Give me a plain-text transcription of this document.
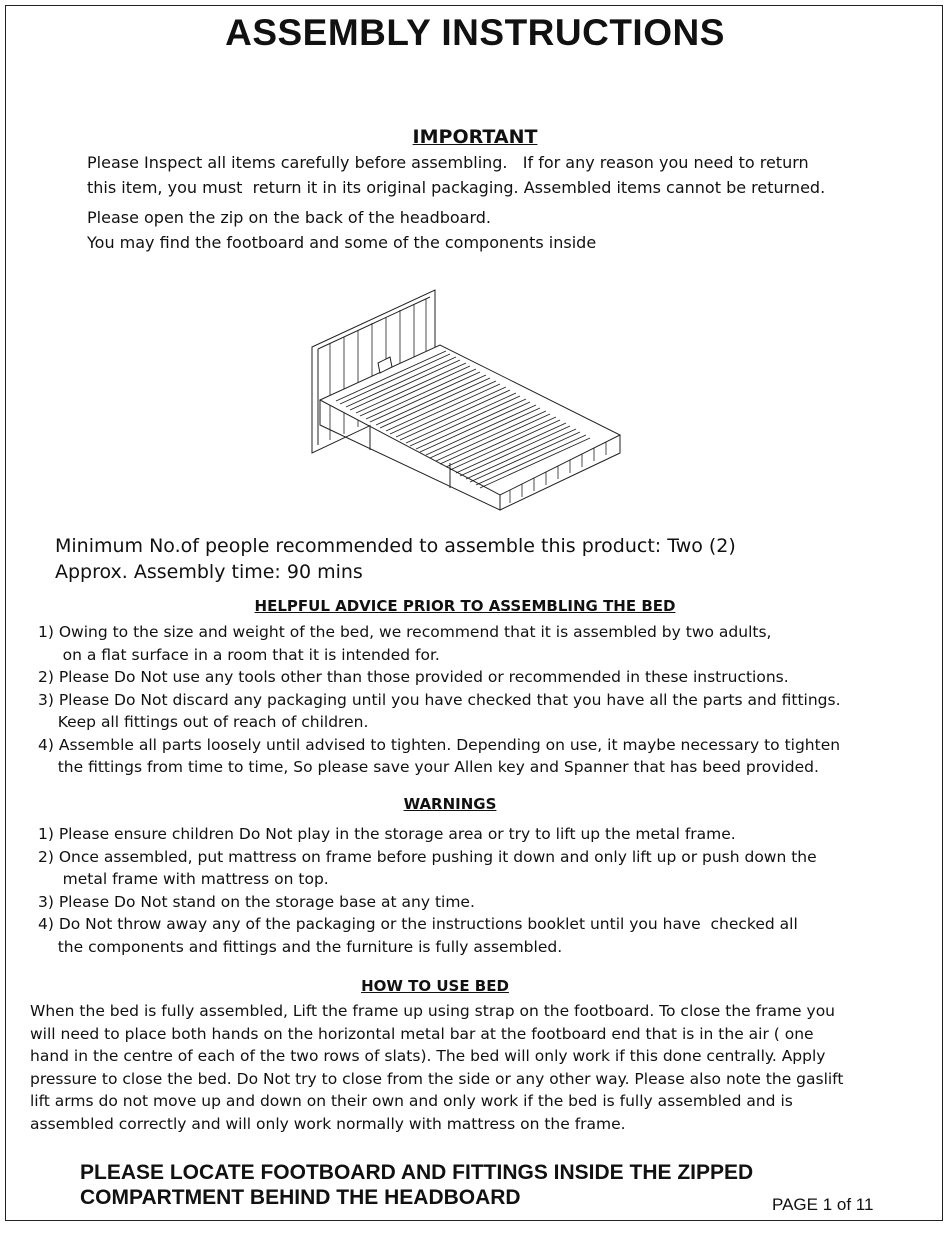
ASSEMBLY INSTRUCTIONS
IMPORTANT
Please Inspect all items carefully before assembling.   If for any reason you need to return
this item, you must  return it in its original packaging. Assembled items cannot be returned.
Please open the zip on the back of the headboard.
You may find the footboard and some of the components inside
Minimum No.of people recommended to assemble this product: Two (2)
Approx. Assembly time: 90 mins
HELPFUL ADVICE PRIOR TO ASSEMBLING THE BED
1) Owing to the size and weight of the bed, we recommend that it is assembled by two adults,
on a flat surface in a room that it is intended for.
2) Please Do Not use any tools other than those provided or recommended in these instructions.
3) Please Do Not discard any packaging until you have checked that you have all the parts and fittings.
Keep all fittings out of reach of children.
4) Assemble all parts loosely until advised to tighten. Depending on use, it maybe necessary to tighten
the fittings from time to time, So please save your Allen key and Spanner that has beed provided.
WARNINGS
1) Please ensure children Do Not play in the storage area or try to lift up the metal frame.
2) Once assembled, put mattress on frame before pushing it down and only lift up or push down the
metal frame with mattress on top.
3) Please Do Not stand on the storage base at any time.
4) Do Not throw away any of the packaging or the instructions booklet until you have  checked all
the components and fittings and the furniture is fully assembled.
HOW TO USE BED
When the bed is fully assembled, Lift the frame up using strap on the footboard. To close the frame you
will need to place both hands on the horizontal metal bar at the footboard end that is in the air ( one
hand in the centre of each of the two rows of slats). The bed will only work if this done centrally. Apply
pressure to close the bed. Do Not try to close from the side or any other way. Please also note the gaslift
lift arms do not move up and down on their own and only work if the bed is fully assembled and is
assembled correctly and will only work normally with mattress on the frame.
PLEASE LOCATE FOOTBOARD AND FITTINGS INSIDE THE ZIPPED
COMPARTMENT BEHIND THE HEADBOARD	PAGE 1 of 11
